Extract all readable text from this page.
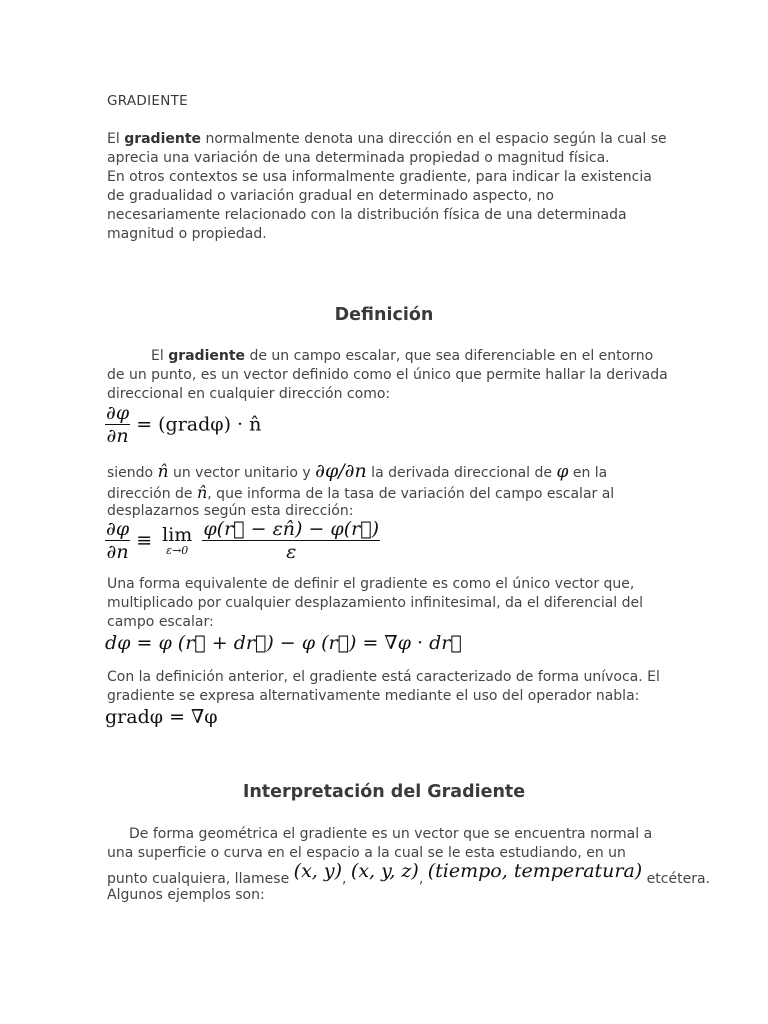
GRADIENTE
El gradiente normalmente denota una dirección en el espacio según la cual se
aprecia una variación de una determinada propiedad o magnitud física.
En otros contextos se usa informalmente gradiente, para indicar la existencia
de gradualidad o variación gradual en determinado aspecto, no
necesariamente relacionado con la distribución física de una determinada
magnitud o propiedad.
Definición
El gradiente de un campo escalar, que sea diferenciable en el entorno
de un punto, es un vector definido como el único que permite hallar la derivada
direccional en cualquier dirección como:
$\frac{\partial\varphi}{\partial n}$ = (gradφ) · n̂
siendo n̂ un vector unitario y ∂φ/∂n la derivada direccional de φ en la
dirección de n̂, que informa de la tasa de variación del campo escalar al
desplazarnos según esta dirección:
$\frac{\partial\varphi}{\partial n} \equiv \lim$
ε→0
$\frac{\varphi(r⃗ - \varepsilon n̂) - \varphi(r⃗)}{\varepsilon}$
Una forma equivalente de definir el gradiente es como el único vector que,
multiplicado por cualquier desplazamiento infinitesimal, da el diferencial del
campo escalar:
dφ = φ (r⃗ + dr⃗) − φ (r⃗) = ∇φ · dr⃗
Con la definición anterior, el gradiente está caracterizado de forma unívoca. El
gradiente se expresa alternativamente mediante el uso del operador nabla:
gradφ = ∇φ
Interpretación del Gradiente
De forma geométrica el gradiente es un vector que se encuentra normal a
una superficie o curva en el espacio a la cual se le esta estudiando, en un
punto cualquiera, llamese (x, y), (x, y, z), (tiempo, temperatura) etcétera.
Algunos ejemplos son:
